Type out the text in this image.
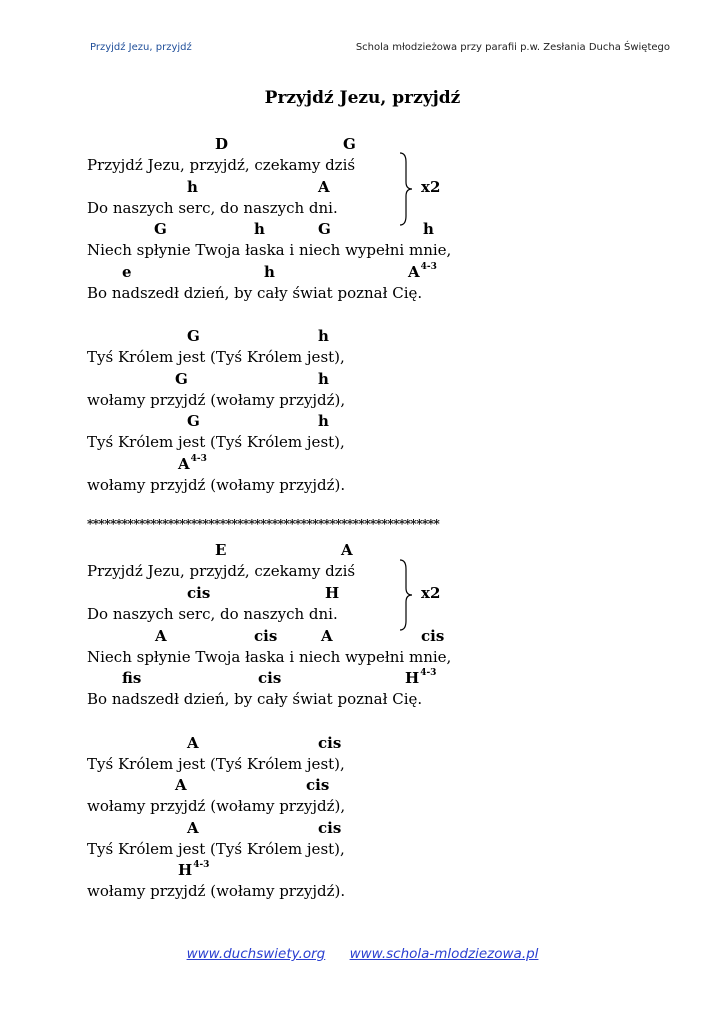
Przyjdź Jezu, przyjdź	Schola młodzieżowa przy parafii p.w. Zesłania Ducha Świętego
Przyjdź Jezu, przyjdź
D	G
Przyjdź Jezu, przyjdź, czekamy dziś
h	A
Do naszych serc, do naszych dni.
x2
G	h	G	h
Niech spłynie Twoja łaska i niech wypełni mnie,
e	h	$A^{4-3}$
Bo nadszedł dzień, by cały świat poznał Cię.
G	h
Tyś Królem jest (Tyś Królem jest),
G	h
wołamy przyjdź (wołamy przyjdź),
G	h
Tyś Królem jest (Tyś Królem jest),
$A^{4-3}$
wołamy przyjdź (wołamy przyjdź).
*************************************************************
E	A
Przyjdź Jezu, przyjdź, czekamy dziś
cis	H
Do naszych serc, do naszych dni.
x2
A	cis	A	cis
Niech spłynie Twoja łaska i niech wypełni mnie,
fis	cis	$H^{4-3}$
Bo nadszedł dzień, by cały świat poznał Cię.
A	cis
Tyś Królem jest (Tyś Królem jest),
A	cis
wołamy przyjdź (wołamy przyjdź),
A	cis
Tyś Królem jest (Tyś Królem jest),
$H^{4-3}$
wołamy przyjdź (wołamy przyjdź).
www.duchswiety.org www.schola-mlodziezowa.pl
